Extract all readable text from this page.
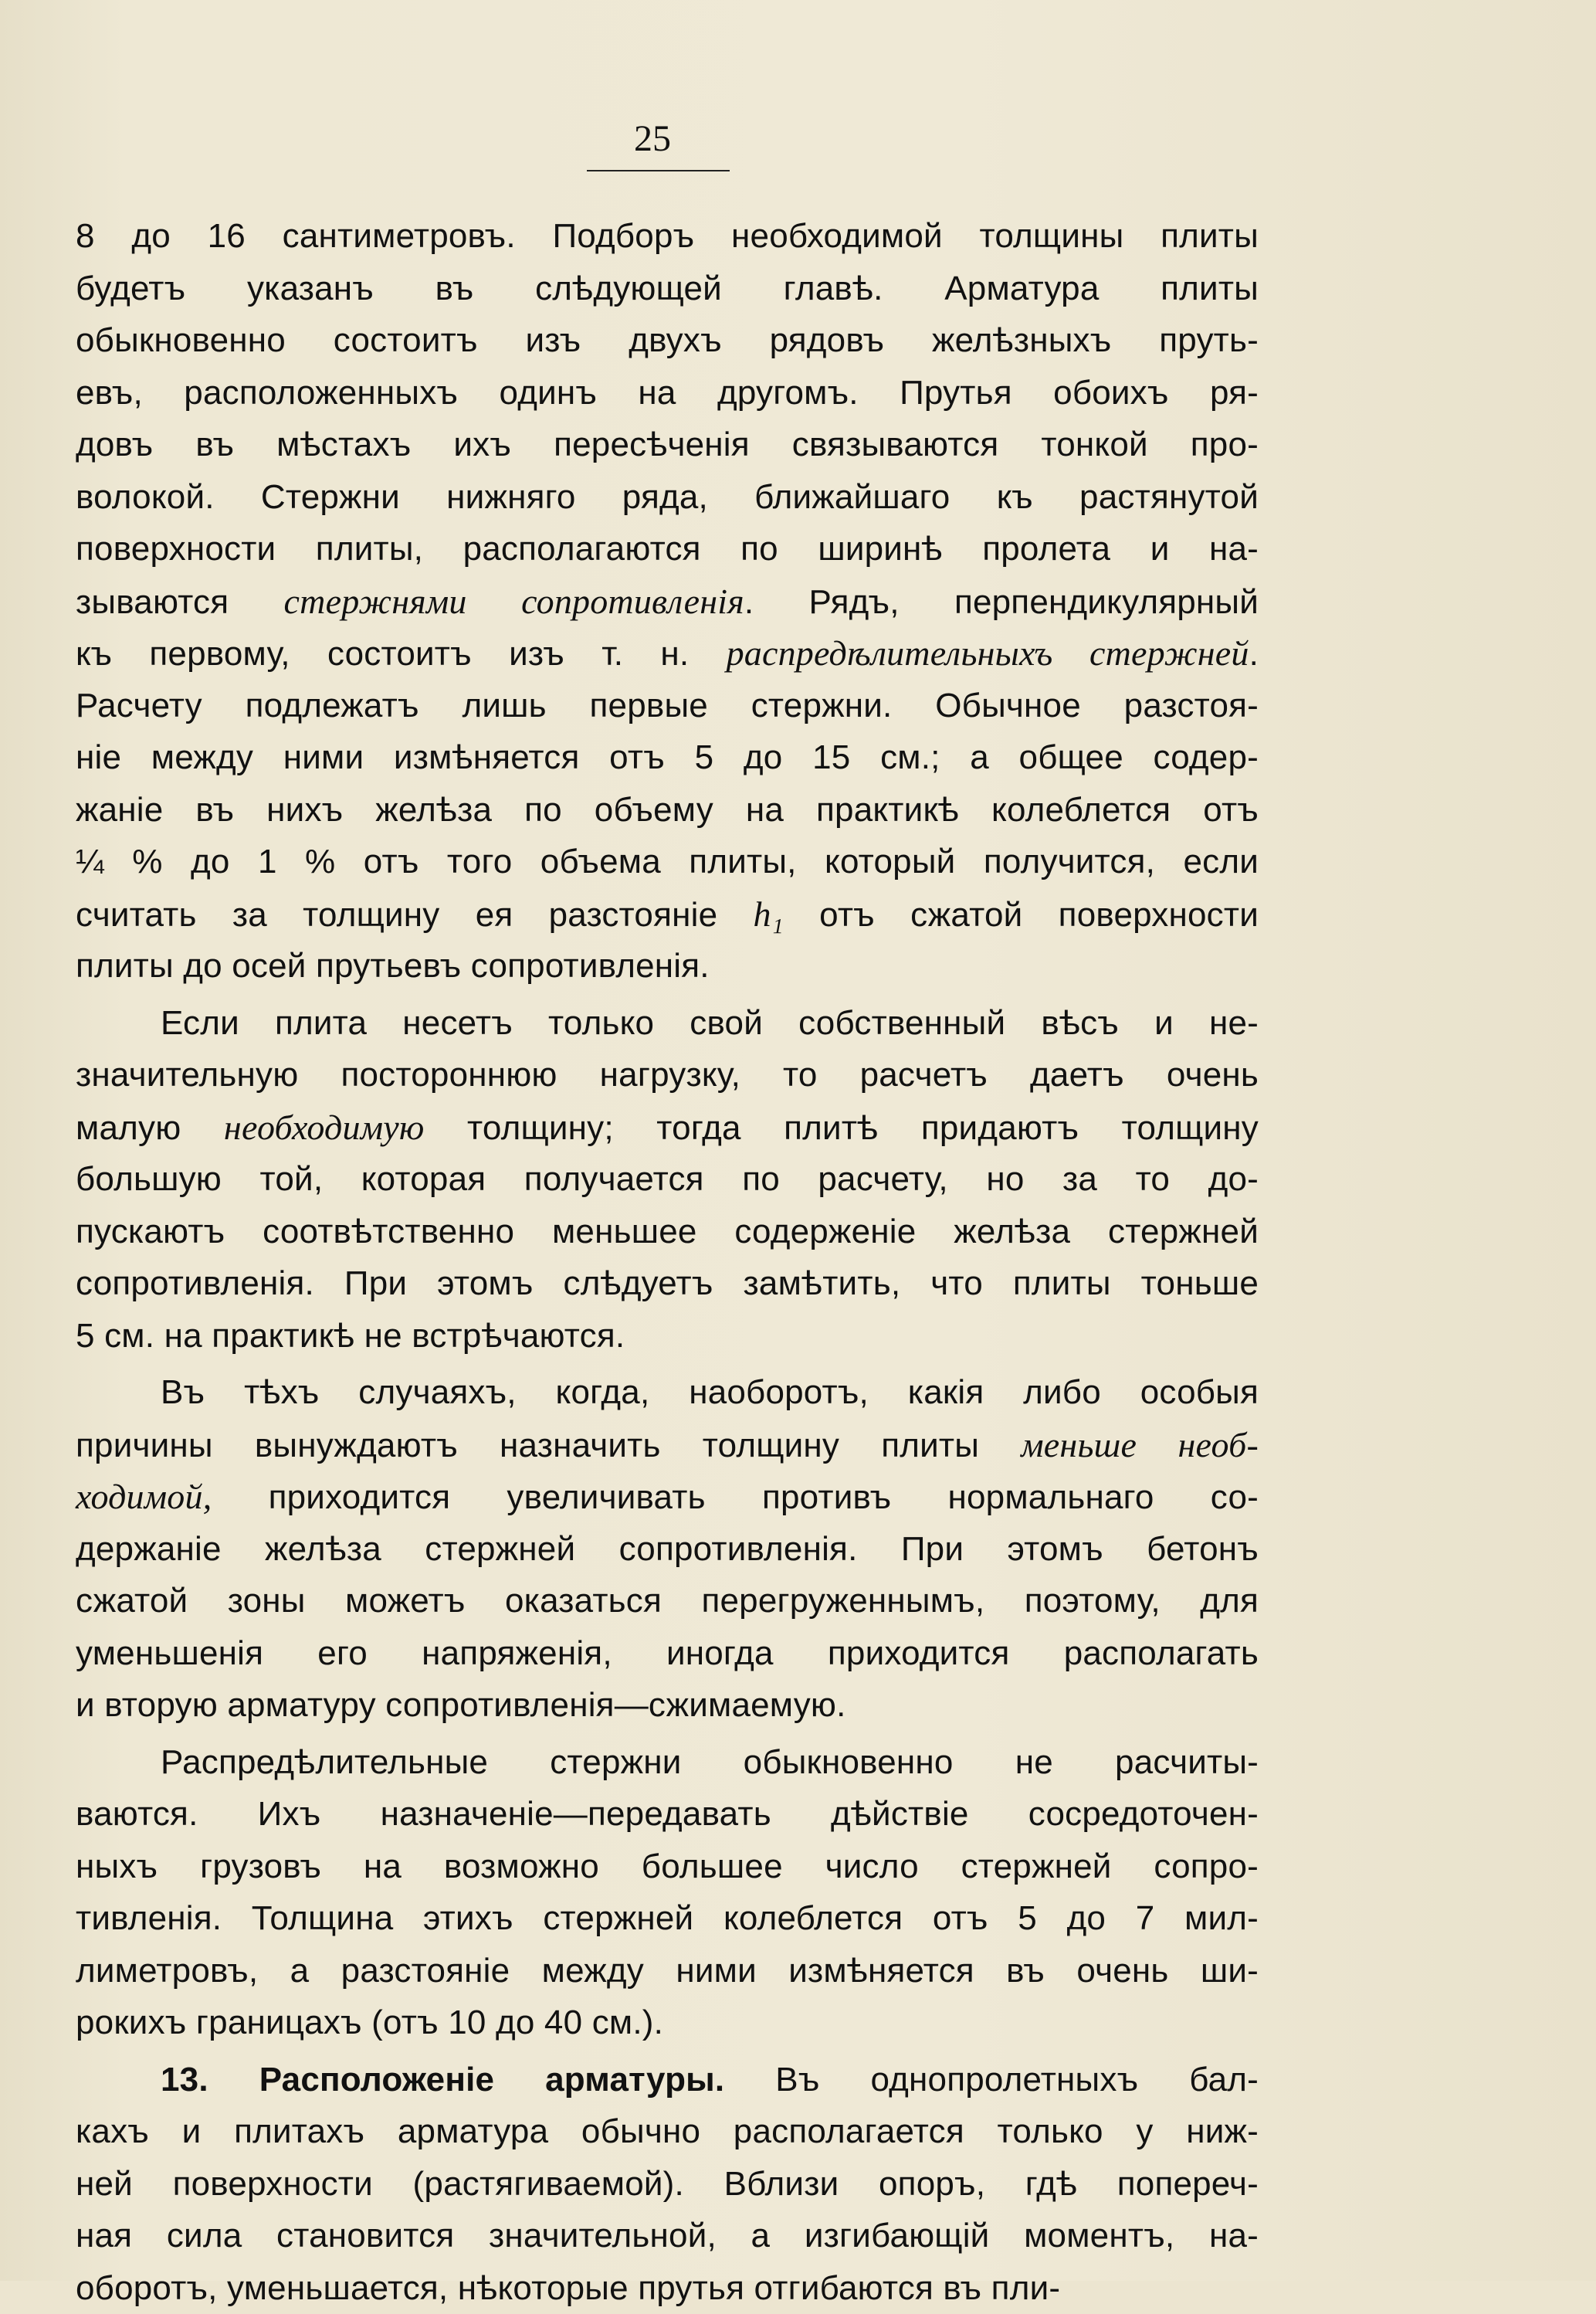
25
8 до 16 сантиметровъ. Подборъ необходимой толщины плиты
будетъ указанъ въ слѣдующей главѣ. Арматура плиты
обыкновенно состоитъ изъ двухъ рядовъ желѣзныхъ пруть-
евъ, расположенныхъ одинъ на другомъ. Прутья обоихъ ря-
довъ въ мѣстахъ ихъ пересѣченія связываются тонкой про-
волокой. Стержни нижняго ряда, ближайшаго къ растянутой
поверхности плиты, располагаются по ширинѣ пролета и на-
зываются стержнями сопротивленія. Рядъ, перпендикулярный
къ первому, состоитъ изъ т. н. распредѣлительныхъ стержней.
Расчету подлежатъ лишь первые стержни. Обычное разстоя-
ніе между ними измѣняется отъ 5 до 15 см.; а общее содер-
жаніе въ нихъ желѣза по объему на практикѣ колеблется отъ
¼ % до 1 % отъ того объема плиты, который получится, если
считать за толщину ея разстояніе h₁ отъ сжатой поверхности
плиты до осей прутьевъ сопротивленія.
Если плита несетъ только свой собственный вѣсъ и не-
значительную постороннюю нагрузку, то расчетъ даетъ очень
малую необходимую толщину; тогда плитѣ придаютъ толщину
большую той, которая получается по расчету, но за то до-
пускаютъ соотвѣтственно меньшее содерженіе желѣза стержней
сопротивленія. При этомъ слѣдуетъ замѣтить, что плиты тоньше
5 см. на практикѣ не встрѣчаются.
Въ тѣхъ случаяхъ, когда, наоборотъ, какія либо особыя
причины вынуждаютъ назначить толщину плиты меньше необ-
ходимой, приходится увеличивать противъ нормальнаго со-
держаніе желѣза стержней сопротивленія. При этомъ бетонъ
сжатой зоны можетъ оказаться перегруженнымъ, поэтому, для
уменьшенія его напряженія, иногда приходится располагать
и вторую арматуру сопротивленія—сжимаемую.
Распредѣлительные стержни обыкновенно не расчиты-
ваются. Ихъ назначеніе—передавать дѣйствіе сосредоточен-
ныхъ грузовъ на возможно большее число стержней сопро-
тивленія. Толщина этихъ стержней колеблется отъ 5 до 7 мил-
лиметровъ, а разстояніе между ними измѣняется въ очень ши-
рокихъ границахъ (отъ 10 до 40 см.).
13. Расположеніе арматуры. Въ однопролетныхъ бал-
кахъ и плитахъ арматура обычно располагается только у ниж-
ней поверхности (растягиваемой). Вблизи опоръ, гдѣ попереч-
ная сила становится значительной, а изгибающій моментъ, на-
оборотъ, уменьшается, нѣкоторые прутья отгибаются въ пли-
